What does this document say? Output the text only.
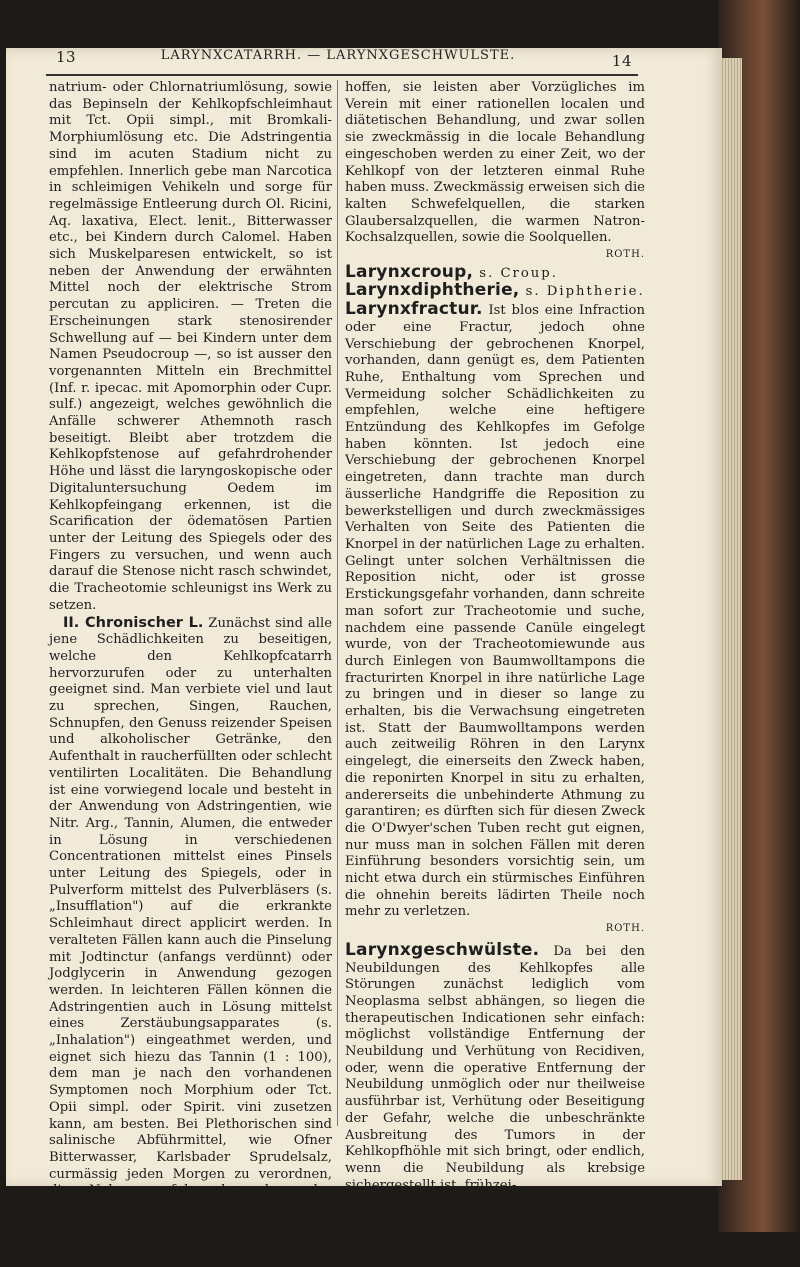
13	LARYNXCATARRH. — LARYNXGESCHWÜLSTE.	14

natrium- oder Chlornatriumlösung, sowie das Bepinseln der Kehlkopfschleimhaut mit Tct. Opii simpl., mit Bromkali-Morphiumlösung etc. Die Adstringentia sind im acuten Stadium nicht zu empfehlen. Innerlich gebe man Narcotica in schleimigen Vehikeln und sorge für regelmässige Entleerung durch Ol. Ricini, Aq. laxativa, Elect. lenit., Bitterwasser etc., bei Kindern durch Calomel. Haben sich Muskelparesen entwickelt, so ist neben der Anwendung der erwähnten Mittel noch der elektrische Strom percutan zu appliciren. — Treten die Erscheinungen stark stenosirender Schwellung auf — bei Kindern unter dem Namen Pseudocroup —, so ist ausser den vorgenannten Mitteln ein Brechmittel (Inf. r. ipecac. mit Apomorphin oder Cupr. sulf.) angezeigt, welches gewöhnlich die Anfälle schwerer Athemnoth rasch beseitigt. Bleibt aber trotzdem die Kehlkopfstenose auf gefahrdrohender Höhe und lässt die laryngoskopische oder Digitaluntersuchung Oedem im Kehlkopfeingang erkennen, ist die Scarification der ödematösen Partien unter der Leitung des Spiegels oder des Fingers zu versuchen, und wenn auch darauf die Stenose nicht rasch schwindet, die Tracheotomie schleunigst ins Werk zu setzen.

II. Chronischer L. Zunächst sind alle jene Schädlichkeiten zu beseitigen, welche den Kehlkopfcatarrh hervorzurufen oder zu unterhalten geeignet sind. Man verbiete viel und laut zu sprechen, Singen, Rauchen, Schnupfen, den Genuss reizender Speisen und alkoholischer Getränke, den Aufenthalt in raucherfüllten oder schlecht ventilirten Localitäten. Die Behandlung ist eine vorwiegend locale und besteht in der Anwendung von Adstringentien, wie Nitr. Arg., Tannin, Alumen, die entweder in Lösung in verschiedenen Concentrationen mittelst eines Pinsels unter Leitung des Spiegels, oder in Pulverform mittelst des Pulverbläsers (s. „Insufflation") auf die erkrankte Schleimhaut direct applicirt werden. In veralteten Fällen kann auch die Pinselung mit Jodtinctur (anfangs verdünnt) oder Jodglycerin in Anwendung gezogen werden. In leichteren Fällen können die Adstringentien auch in Lösung mittelst eines Zerstäubungsapparates (s. „Inhalation") eingeathmet werden, und eignet sich hiezu das Tannin (1 : 100), dem man je nach den vorhandenen Symptomen noch Morphium oder Tct. Opii simpl. oder Spirit. vini zusetzen kann, am besten. Bei Plethorischen sind salinische Abführmittel, wie Ofner Bitterwasser, Karlsbader Sprudelsalz, curmässig jeden Morgen zu verordnen, die Nahrungszufuhr, besonders der stickstoffhältigen Nahrungsmittel, einzuschränken, die Alcoholica zu verbieten. Von Bädern und Brunnencuren ist im allgemeinen wenig zu

hoffen, sie leisten aber Vorzügliches im Verein mit einer rationellen localen und diätetischen Behandlung, und zwar sollen sie zweckmässig in die locale Behandlung eingeschoben werden zu einer Zeit, wo der Kehlkopf von der letzteren einmal Ruhe haben muss. Zweckmässig erweisen sich die kalten Schwefelquellen, die starken Glaubersalzquellen, die warmen Natron-Kochsalzquellen, sowie die Soolquellen.

ROTH.

Larynxcroup, s. Croup.

Larynxdiphtherie, s. Diphtherie.

Larynxfractur. Ist blos eine Infraction oder eine Fractur, jedoch ohne Verschiebung der gebrochenen Knorpel, vorhanden, dann genügt es, dem Patienten Ruhe, Enthaltung vom Sprechen und Vermeidung solcher Schädlichkeiten zu empfehlen, welche eine heftigere Entzündung des Kehlkopfes im Gefolge haben könnten. Ist jedoch eine Verschiebung der gebrochenen Knorpel eingetreten, dann trachte man durch äusserliche Handgriffe die Reposition zu bewerkstelligen und durch zweckmässiges Verhalten von Seite des Patienten die Knorpel in der natürlichen Lage zu erhalten. Gelingt unter solchen Verhältnissen die Reposition nicht, oder ist grosse Erstickungsgefahr vorhanden, dann schreite man sofort zur Tracheotomie und suche, nachdem eine passende Canüle eingelegt wurde, von der Tracheotomiewunde aus durch Einlegen von Baumwolltampons die fracturirten Knorpel in ihre natürliche Lage zu bringen und in dieser so lange zu erhalten, bis die Verwachsung eingetreten ist. Statt der Baumwolltampons werden auch zeitweilig Röhren in den Larynx eingelegt, die einerseits den Zweck haben, die reponirten Knorpel in situ zu erhalten, andererseits die unbehinderte Athmung zu garantiren; es dürften sich für diesen Zweck die O'Dwyer'schen Tuben recht gut eignen, nur muss man in solchen Fällen mit deren Einführung besonders vorsichtig sein, um nicht etwa durch ein stürmisches Einführen die ohnehin bereits lädirten Theile noch mehr zu verletzen.

ROTH.

Larynxgeschwülste. Da bei den Neubildungen des Kehlkopfes alle Störungen zunächst lediglich vom Neoplasma selbst abhängen, so liegen die therapeutischen Indicationen sehr einfach: möglichst vollständige Entfernung der Neubildung und Verhütung von Recidiven, oder, wenn die operative Entfernung der Neubildung unmöglich oder nur theilweise ausführbar ist, Verhütung oder Beseitigung der Gefahr, welche die unbeschränkte Ausbreitung des Tumors in der Kehlkopfhöhle mit sich bringt, oder endlich, wenn die Neubildung als krebsige sichergestellt ist, frühzei-
